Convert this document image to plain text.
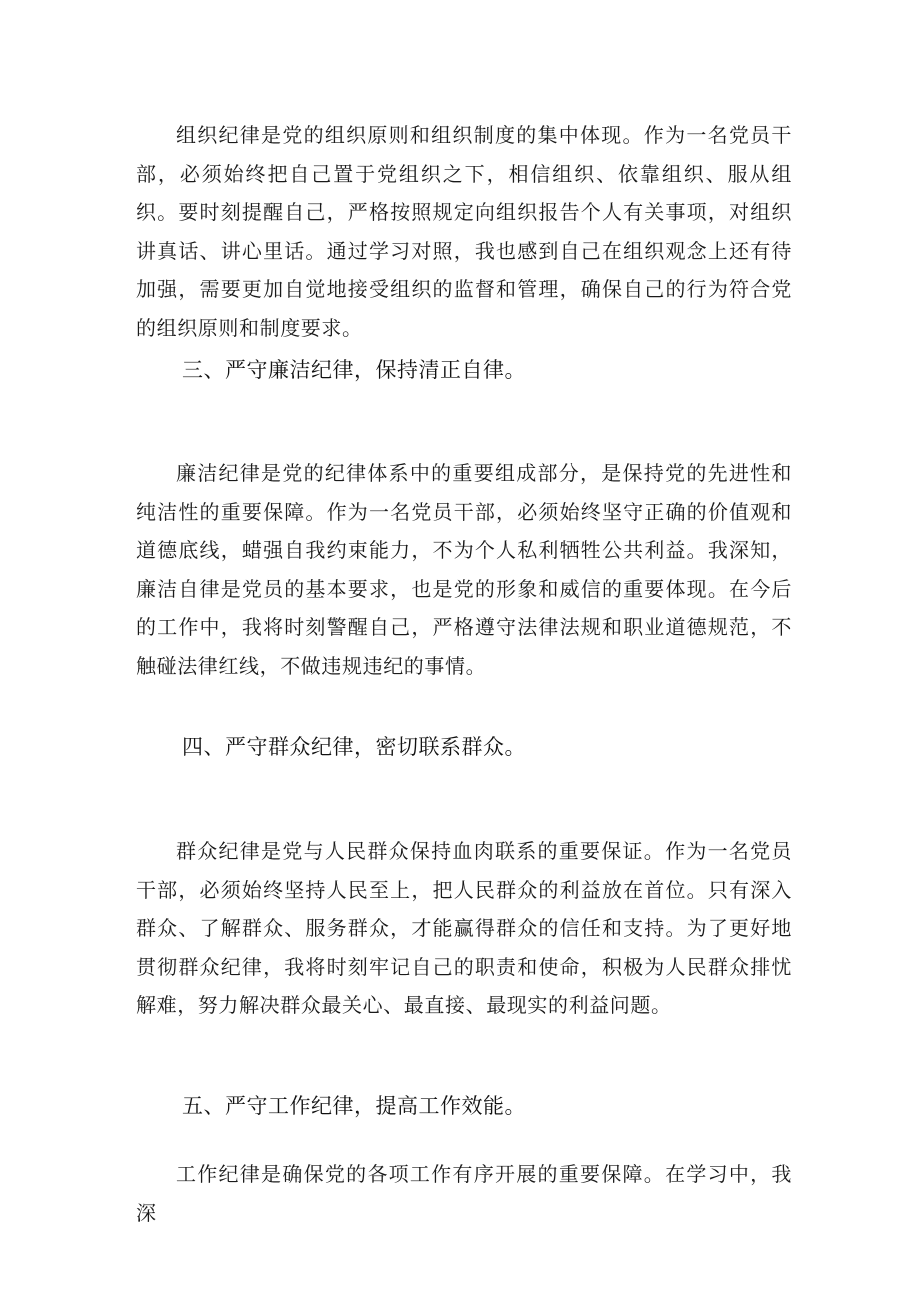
组织纪律是党的组织原则和组织制度的集中体现。作为一名党员干部，必须始终把自己置于党组织之下，相信组织、依靠组织、服从组织。要时刻提醒自己，严格按照规定向组织报告个人有关事项，对组织讲真话、讲心里话。通过学习对照，我也感到自己在组织观念上还有待加强，需要更加自觉地接受组织的监督和管理，确保自己的行为符合党的组织原则和制度要求。

三、严守廉洁纪律，保持清正自律。

廉洁纪律是党的纪律体系中的重要组成部分，是保持党的先进性和纯洁性的重要保障。作为一名党员干部，必须始终坚守正确的价值观和道德底线，蜡强自我约束能力，不为个人私利牺牲公共利益。我深知，廉洁自律是党员的基本要求，也是党的形象和威信的重要体现。在今后的工作中，我将时刻警醒自己，严格遵守法律法规和职业道德规范，不触碰法律红线，不做违规违纪的事情。

四、严守群众纪律，密切联系群众。

群众纪律是党与人民群众保持血肉联系的重要保证。作为一名党员干部，必须始终坚持人民至上，把人民群众的利益放在首位。只有深入群众、了解群众、服务群众，才能赢得群众的信任和支持。为了更好地贯彻群众纪律，我将时刻牢记自己的职责和使命，积极为人民群众排忧解难，努力解决群众最关心、最直接、最现实的利益问题。

五、严守工作纪律，提高工作效能。

工作纪律是确保党的各项工作有序开展的重要保障。在学习中，我深
